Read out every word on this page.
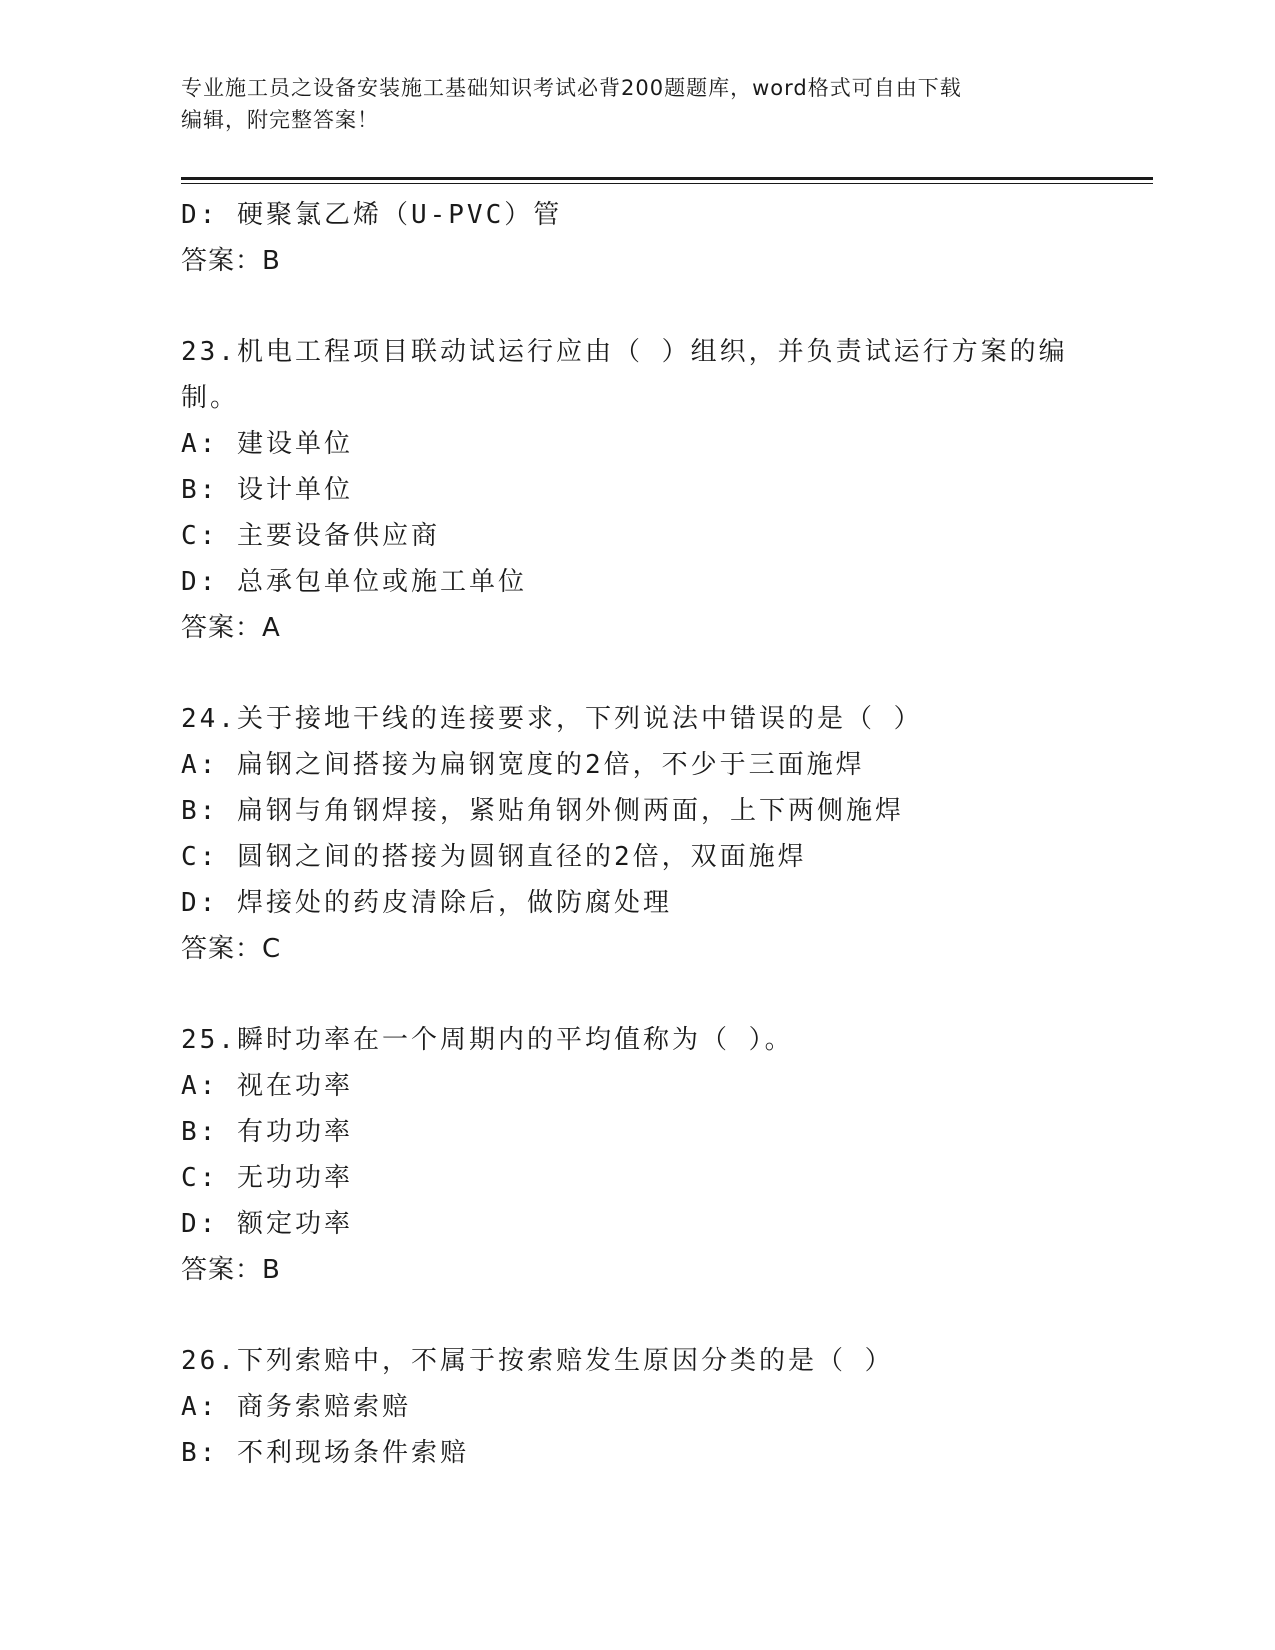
专业施工员之设备安装施工基础知识考试必背200题题库，word格式可自由下载
编辑，附完整答案！
D: 硬聚氯乙烯（U-PVC）管
答案：B
23.机电工程项目联动试运行应由（ ）组织，并负责试运行方案的编
制。
A: 建设单位
B: 设计单位
C: 主要设备供应商
D: 总承包单位或施工单位
答案：A
24.关于接地干线的连接要求，下列说法中错误的是（ ）
A: 扁钢之间搭接为扁钢宽度的2倍，不少于三面施焊
B: 扁钢与角钢焊接，紧贴角钢外侧两面，上下两侧施焊
C: 圆钢之间的搭接为圆钢直径的2倍，双面施焊
D: 焊接处的药皮清除后，做防腐处理
答案：C
25.瞬时功率在一个周期内的平均值称为（ ）。
A: 视在功率
B: 有功功率
C: 无功功率
D: 额定功率
答案：B
26.下列索赔中，不属于按索赔发生原因分类的是（ ）
A: 商务索赔索赔
B: 不利现场条件索赔
